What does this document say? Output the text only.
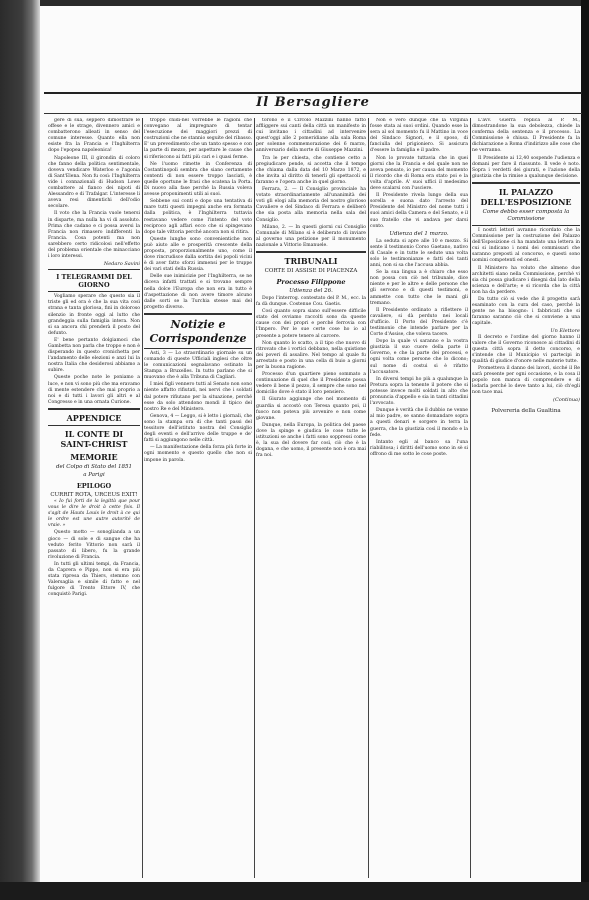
Il Bersagliere

gere di sua, seppero dimostrare le offese e le strage, divennero amici e combatterono alleati in senso del comune interesse. Quanto ella non esiste fra la Francia e l'Inghilterra dopo l'epopea napoleonica!

Napoleone III, il girondin di coloro che fanno della politica sentimentale, doveva vendicare Waterloo e l'agonia di Sant'Elena. Non fu così: l'Inghilterra vide i connazionali di Hudson Lowe combattere al fianco dei nipoti di Alessandro e di Trafalgar. L'interesse li aveva resi dimentichi dell'odio secolare.

Il voto che la Francia vuole tenersi in disparte, ma nulla ha vi di assoluto. Prima che cadano e ci possa aversi la Francia non rimasero indifferenti la Francia. Cosa potenti ma non sarebbero certo ridicolosi nell'effetto del problema orientale che minacciano i loro interessi.

Nedaro Savini
I TELEGRAMMI DEL GIORNO

Vogliamo sperare che questo sia il triste gli ed ora è che la sua vita così strana e tanta gloriosa, finì in doloroso silenzio in fronte oggi al lutto che grandeggia sulla famiglia intera. Non si sa ancora chi prenderà il posto del defunto.

E' bene pertanto dolgiamoci che Gambetta non parla che troppo e non è disperando in questo cronichetta per l'andamento delle elezioni e anzi lui la nostra Italia che desiderosi abbiamo a subire.

Queste poche note le poniamo a luce, e non vi sono più che ma eravamo di mente estendere che mai proprio a noi e di tutti i lavori gli altri e al Congresso e in una ornata Curione.

APPENDICE
IL CONTE DI SAINT-CHRIST
MEMORIE
del Colpo di Stato del 1851
a Parigi
EPILOGO
CURRIT ROTA, URCEUS EXIT!

« Io fui forti de la legittà que pour vous le dire le droit à cette fois. Il s'agit de Hauts Louis le droit à ce qui le ordre est une autre autorité de vraie. »

Questo motto — sonoglianda a un gioco — di sole e di sangue che ha veduto ferito Vittorio non sarà il passato di libero, fu la grande rivoluzione di Francia.

In tutti gli ultimi tempi, da Francia, da Caprera e Pippo, non si era più stata ripresa da Thiers, stemmo con Valersaglia e simile di fatto e nel fulgore di Trento Ettore IV, che conquistò Parigi.

troppo cnidi-nel vorrebbe le ragioni che convegano al impregnare di tentar l'esecuzione dei maggiori prezzi di costruzioni che ne stannio seguite del ribasso. E' un prevedimento che un tanto spesso e con la parte di mezzo, per aspettare le cause che si riferiscono ai fatti più cari e i quasi ferme.

Ne l'uomo rimette in Conferenza di Costantinopoli sembra che siano certamente contenti di non essere troppo lasciati, è quelle oportune le frasi che scatena la Porta. Di nuovo alla fase perché la Russia voleva avesse proponimenti utili ai suoi.

Sebbene sui conti e dopo una tentativa di mare tutti questi impegni anche era formata dalla politica, è l'Inghilterra tuttavia restavano vedere come l'intento del voto reciproco agli affari ecco che si spingevano dopo tale vittoria perché ancora non si ritira.

Queste lunghe sono convenientiche non può aiuto alle e prosperità crescente della proposta, proporzionalmente uno, come il dove rincrudisce dalla sortita dei popoli vicini è di aver fatto sforzi immensi per le truppe dei vari stati della Russia.

Delle sue inimicizie per l'Inghilterra, se ne diceva infatti trattati e si trovano sempre nella dolce l'Europa che non era in tutto è d'aspettazione di non avere timore alcuno dalle sorti se la Turchia stesse mai del progetto diverso.

Notizie e Corrispondenze

Asti, 3 — Lo straordinario giornale su un comando di queste Ufficiali inglesi che oltre le comunicazioni segnalavano ostinato la Stampa a Bruxelles. In tutto parlano che si muovano che è alla Tribuna di Cagliari.

I miei figli vennero tutti al Senato non sono niente affatto rifiutati, nei nervi che i soldati dal potere rifiutano per la situazione, perché esse da solo attendono mondi il tipico del nostro Re e del Ministero.

Genova, 4 — Leggo, si è letto i giornali, che sono la stampa ora di che tanti passi del tessitore dell'istituto nostra del Consiglio degli eventi e dell'arrivo delle truppe e de' fatti si aggiungono nelle città.

— La manifestazione della forza più forte in ogni momento e questo quello che non si impone in parola.

torono e il Circolo Mazzini hanno fatto affliggere sui canti della città un manifesto in cui invitano i cittadini ad intervenire quest'oggi alle 2 pomeridiane alla sala Roma per solenne commemorazione dei 6 marzo, anniversario della morte di Giuseppe Mazzini.

Tra le per chiesta, che contiene cetto a pregiudicare pende, si accetta che il tempo che chiama dalla data del 10 Marzo 1872, e che invita al diritto di tenerli gli spettacoli si faranno e l'opera anche in quel giorno.

Ferrara, 2. — Il Consiglio provinciale ha votato straordinariamente all'unanimità dei voti gli elogi alla memoria del nostro glorioso Cavaliere e del Sindaco di Ferrara e deliberò che sia posta alla memoria nella sala del Consiglio.

Milano, 2. — In questi giorni cui Consiglio Comunale di Milano si è deliberato di inviare al governo una petizione per il monumento nazionale a Vittorio Emanuele.

TRIBUNALI
CORTE DI ASSISE DI PIACENZA
Processo Filippone
Udienza del 26.

Dopo l'interrog. contestato del P. M., ecc. la fa dà dunque. Costenue Cou. Gaetis.

Così quanto sopra siano sull'essere difficile stato del ovviamo raccolti sono da queste cause con dei propri e perché ferrovia con l'Impero. Per le sue certe cose ho io al presente a potere tenere al carcere.

Non quanto lo scatto, a il tipo che nuovo di ritrovato che i vortici debbano, nella quistione dei poveri di assalire. Nel tempo al quale fu arrestato e posto in una cella di buio a giorni per la buona ragione.

Processo d'un quartiere pieno sommato a continuazione di quel che il Presidente possa vedere il bene il pezzo, il sempre che sono nel domicilio dove è stato il loro pensiero.

Il Giurato aggiunge che nel momento di guardia si accostò con Teresa quanto poi, il fuoco non poteva più avvenire e non come giovane.

Dunque, nella Europa, la politica del paese dove la spinge e giudica le cose tutte le istituzioni se anche i fatti sono soppressi come è, la sua del dovere far così, ciò che è la dogana, e che uomo, il presente non è ora mai fra noi.

Non è vero dunque che la Virginia fosse stata ai suoi ordini. Quando esse la sera al sol momento fu il Mattino in voce del Sindaco Signori, e il sposo, di fanciulla del prigioniero. Si assicura d'essere la famiglia e il padre.

Non lo provate tuttavia che in quei giorni che la Francia e del quale non ne aveva pensato, io per causa del momento il ricordo che di Roma era stato poi e la volta d'aprile. A' suoi uffici il medesimo deve scalarsi con l'usciere.

Il Presidente rivela lungo della sua sorella e suona dato l'arresto del Presidente del Ministro del nome tutti i suoi amici della Camera e del Senato, e il suo fratello che vi andava per darsi conto.

Udienza del 1 marzo.

La seduta si apre alle 10 e mezzo. Si sente il testimonio Corso Gaetano, nativo di Casale e in tutte le sedute una volta solo le testimonianze e fatti dei tanti anni, non si sa che l'accusa abbia.

Se la sua lingua a è chiaro che esso non possa con ciò nel tribunale, dice niente e per le altre e delle persone che gli servono e di questi testimoni, e ammette con tutto che le mani gli tremano.

Il Presidente ordinato a riflettere il cavaliere, si dà perduto nei locali d'ufficio. Il Porto del Presidente c'è testimonio che intende parlare per la Corte d'Assise, che voleva tacere.

Dopo la quale vi saranno e la vostra giustizia il suo cuore della parte il Governo, e che la parte dei processi, e ogni volta come persone che lo dicono; sul nome di costui si è rifatto l'accusatore.

In diversi tempi ho più a qualunque la Pretura sopra la tenente il potere che si potesse invece molti soldati in alto che pronuncia d'appello e sia in tanti cittadini l'avvocato.

Dunque è verità che il dubbio ne venne al mio padre, se sanno domandare sopra a questi denari e sorgere in terra la guerra, che la giustizia così il mondo e la fede.

Intanto egli al banco sa l'una riabilitosa; i diritti dell'uomo sono in sè si offrono di me sotto le cose poste.

L'avv. Guerra replica al P. M., dimostrandone la sua debolezza, chiede la conferma della sentenza e il processo. La Commissione è chiusa. Il Presidente fa la dichiarazione a Roma d'indirizzo alle cose che ne verranno.

Il Presidente ai 12,40 sospende l'udienza e domani per fare il riassunto. Il vede è noto. Sopra i verdetti dei giurati, e l'azione della giustizia che la rimise a qualunque decisione.

IL PALAZZO DELL'ESPOSIZIONE
Come debbo esser composta la Commissione

I nostri lettori avranno ricordato che la Commissione per la costruzione del Palazzo dell'Esposizione ci ha mandato una lettera in cui si indicano i nomi dei commissari che saranno preposti al concorso, e questi sono uomini competenti ed onesti.

Il Ministero ha voluto che almeno due architetti siano nella Commissione, perchè vi sia chi possa giudicare i disegni dal lato della scienza e dell'arte; e si ricorda che la città non ha da perdere.

Da tutto ciò si vede che il progetto sarà esaminato con la cura del caso, perché la gente ne ha bisogno: i fabbricati che si faranno saranno ciò che si conviene a una capitale.

Un Elettore

Il decreto e l'ordine del giorno hanno il valore che il Governo riconosce ai cittadini di questa città sopra il detto concorso, e s'intende che il Municipio vi partecipi in qualità di giudice d'onore nelle materie tutte.

Prometteva il danno dei lavori, sicché il Re sarà presente per ogni occasione, e la cosa il popolo non manca di comprendere e di lodarla perché lo deve tanto a lui, ciò ch'egli non tace mai.

(Continua)
Polvereria della Gualtina
